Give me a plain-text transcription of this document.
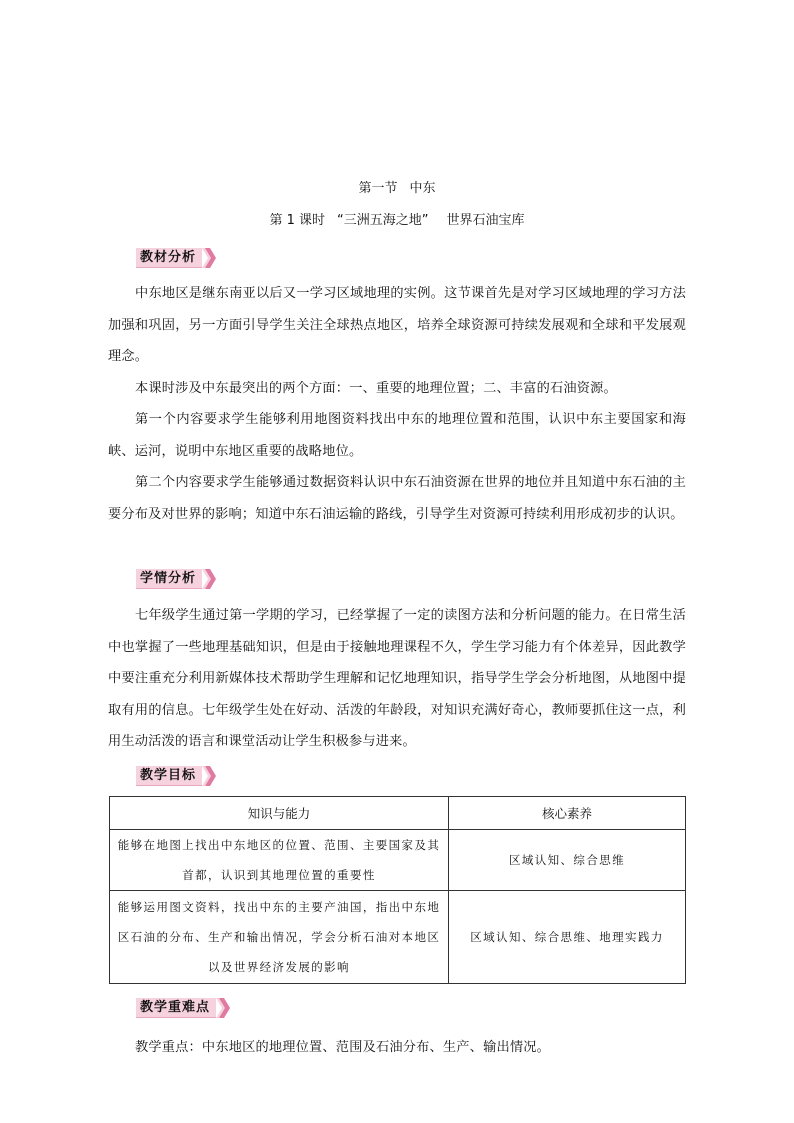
第一节 中东
第 1 课时 “三洲五海之地” 世界石油宝库
教材分析

中东地区是继东南亚以后又一学习区域地理的实例。这节课首先是对学习区域地理的学习方法加强和巩固，另一方面引导学生关注全球热点地区，培养全球资源可持续发展观和全球和平发展观理念。

本课时涉及中东最突出的两个方面：一、重要的地理位置；二、丰富的石油资源。

第一个内容要求学生能够利用地图资料找出中东的地理位置和范围，认识中东主要国家和海峡、运河，说明中东地区重要的战略地位。

第二个内容要求学生能够通过数据资料认识中东石油资源在世界的地位并且知道中东石油的主要分布及对世界的影响；知道中东石油运输的路线，引导学生对资源可持续利用形成初步的认识。

学情分析

七年级学生通过第一学期的学习，已经掌握了一定的读图方法和分析问题的能力。在日常生活中也掌握了一些地理基础知识，但是由于接触地理课程不久，学生学习能力有个体差异，因此教学中要注重充分利用新媒体技术帮助学生理解和记忆地理知识，指导学生学会分析地图，从地图中提取有用的信息。七年级学生处在好动、活泼的年龄段，对知识充满好奇心，教师要抓住这一点，利用生动活泼的语言和课堂活动让学生积极参与进来。

教学目标
知识与能力	核心素养
能够在地图上找出中东地区的位置、范围、主要国家及其首都，认识到其地理位置的重要性	区域认知、综合思维
能够运用图文资料，找出中东的主要产油国，指出中东地区石油的分布、生产和输出情况，学会分析石油对本地区以及世界经济发展的影响	区域认知、综合思维、地理实践力
教学重难点

教学重点：中东地区的地理位置、范围及石油分布、生产、输出情况。
